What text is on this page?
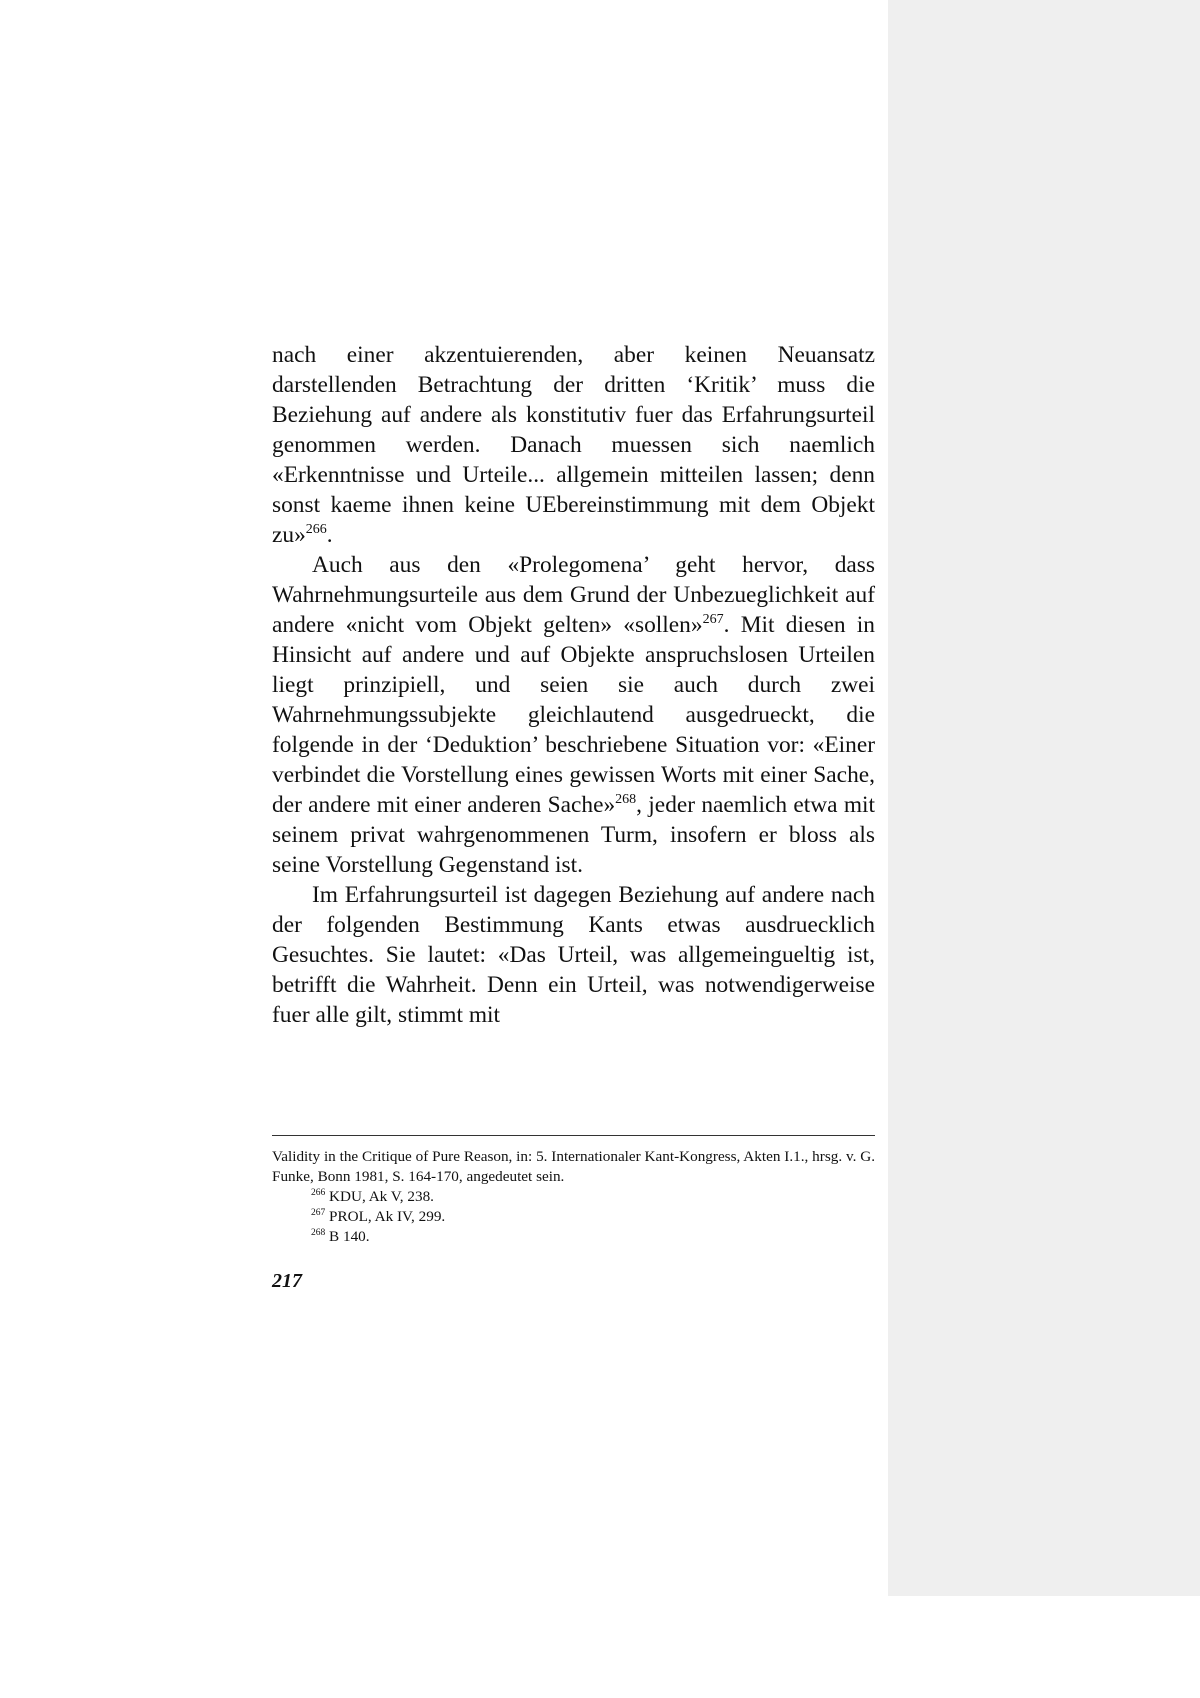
nach einer akzentuierenden, aber keinen Neuansatz darstellenden Betrachtung der dritten ‘Kritik’ muss die Beziehung auf andere als konstitutiv fuer das Erfahrungsurteil genommen werden. Danach muessen sich naemlich «Erkenntnisse und Urteile... allgemein mitteilen lassen; denn sonst kaeme ihnen keine UEbereinstimmung mit dem Objekt zu»$^{266}$.

Auch aus den «Prolegomena’ geht hervor, dass Wahrnehmungsurteile aus dem Grund der Unbezueglichkeit auf andere «nicht vom Objekt gelten» «sollen»$^{267}$. Mit diesen in Hinsicht auf andere und auf Objekte anspruchslosen Urteilen liegt prinzipiell, und seien sie auch durch zwei Wahrnehmungssubjekte gleichlautend ausgedrueckt, die folgende in der ‘Deduktion’ beschriebene Situation vor: «Einer verbindet die Vorstellung eines gewissen Worts mit einer Sache, der andere mit einer anderen Sache»$^{268}$, jeder naemlich etwa mit seinem privat wahrgenommenen Turm, insofern er bloss als seine Vorstellung Gegenstand ist.

Im Erfahrungsurteil ist dagegen Beziehung auf andere nach der folgenden Bestimmung Kants etwas ausdruecklich Gesuchtes. Sie lautet: «Das Urteil, was allgemeingueltig ist, betrifft die Wahrheit. Denn ein Urteil, was notwendigerweise fuer alle gilt, stimmt mit

Validity in the Critique of Pure Reason, in: 5. Internationaler Kant-Kongress, Akten I.1., hrsg. v. G. Funke, Bonn 1981, S. 164-170, angedeutet sein.

$^{266}$ KDU, Ak V, 238.

$^{267}$ PROL, Ak IV, 299.

$^{268}$ B 140.

217
